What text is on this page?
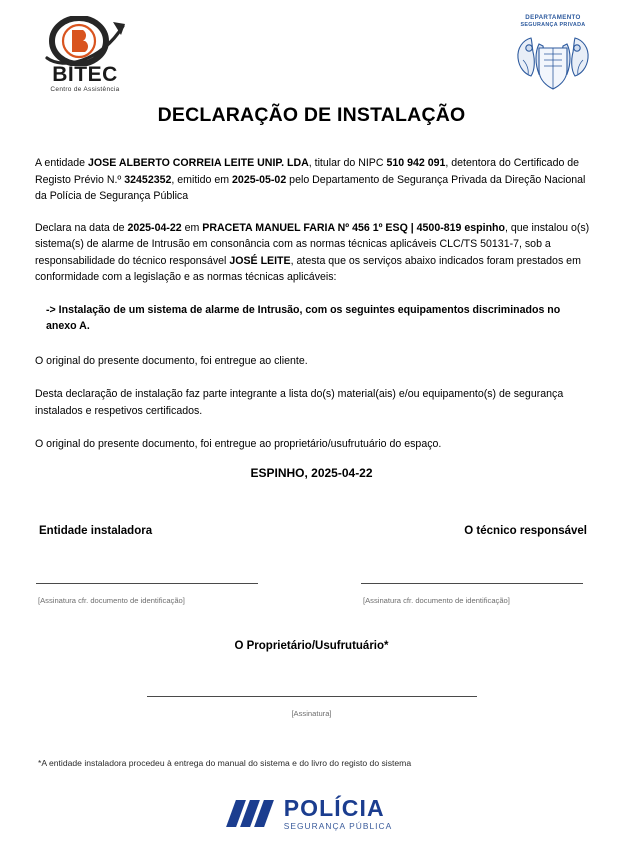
BITEC
Centro de Assistência
DEPARTAMENTO
SEGURANÇA PRIVADA
DECLARAÇÃO DE INSTALAÇÃO

A entidade JOSE ALBERTO CORREIA LEITE UNIP. LDA, titular do NIPC 510 942 091, detentora do Certificado de Registo Prévio N.º 32452352, emitido em 2025-05-02 pelo Departamento de Segurança Privada da Direção Nacional da Polícia de Segurança Pública

Declara na data de 2025-04-22 em PRACETA MANUEL FARIA Nº 456 1º ESQ | 4500-819 espinho, que instalou o(s) sistema(s) de alarme de Intrusão em consonância com as normas técnicas aplicáveis CLC/TS 50131-7, sob a responsabilidade do técnico responsável JOSÉ LEITE, atesta que os serviços abaixo indicados foram prestados em conformidade com a legislação e as normas técnicas aplicáveis:

-> Instalação de um sistema de alarme de Intrusão, com os seguintes equipamentos discriminados no anexo A.

O original do presente documento, foi entregue ao cliente.

Desta declaração de instalação faz parte integrante a lista do(s) material(ais) e/ou equipamento(s) de segurança instalados e respetivos certificados.

O original do presente documento, foi entregue ao proprietário/usufrutuário do espaço.

ESPINHO, 2025-04-22

Entidade instaladora

[Assinatura cfr. documento de identificação]

O técnico responsável

[Assinatura cfr. documento de identificação]

O Proprietário/Usufrutuário*

[Assinatura]
*A entidade instaladora procedeu à entrega do manual do sistema e do livro do registo do sistema
POLÍCIA
SEGURANÇA PÚBLICA
